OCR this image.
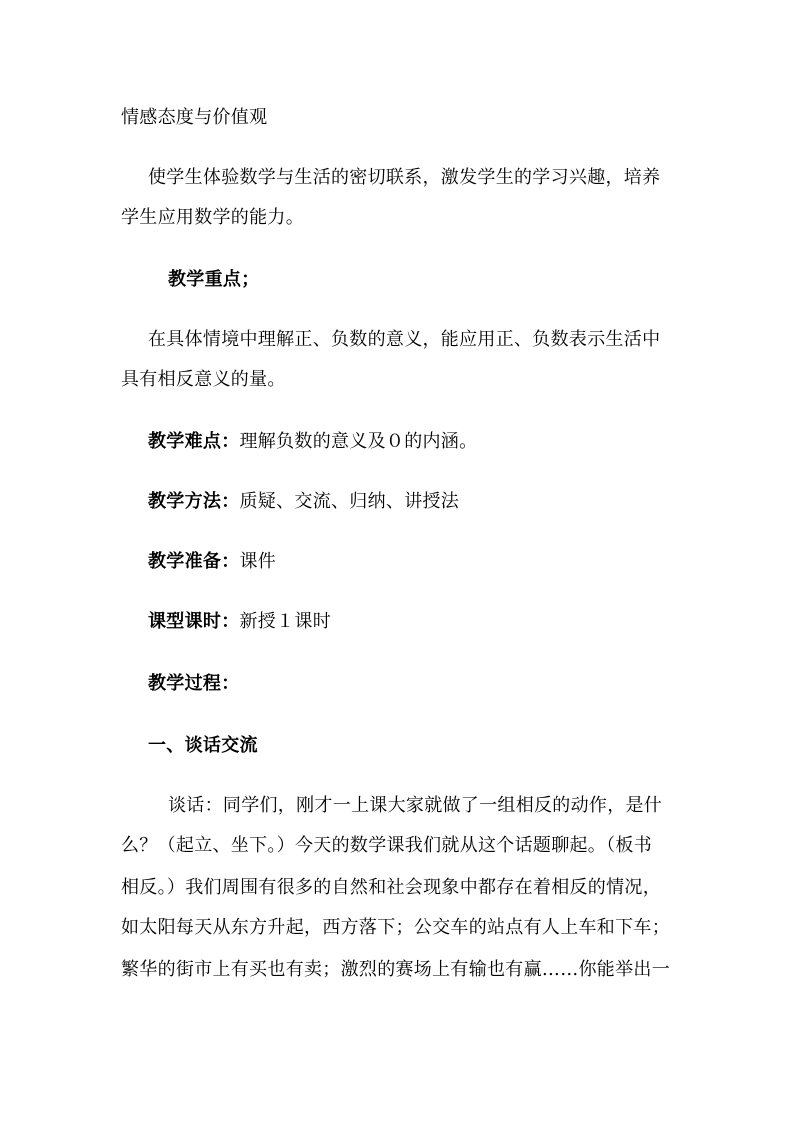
情感态度与价值观
使学生体验数学与生活的密切联系，激发学生的学习兴趣，培养
学生应用数学的能力。
教学重点；
在具体情境中理解正、负数的意义，能应用正、负数表示生活中
具有相反意义的量。
教学难点：理解负数的意义及０的内涵。
教学方法：质疑、交流、归纳、讲授法
教学准备：课件
课型课时：新授１课时
教学过程：
一、谈话交流
谈话：同学们，刚才一上课大家就做了一组相反的动作，是什
么？（起立、坐下。）今天的数学课我们就从这个话题聊起。（板书
相反。）我们周围有很多的自然和社会现象中都存在着相反的情况，
如太阳每天从东方升起，西方落下；公交车的站点有人上车和下车；
繁华的街市上有买也有卖；激烈的赛场上有输也有赢……你能举出一
